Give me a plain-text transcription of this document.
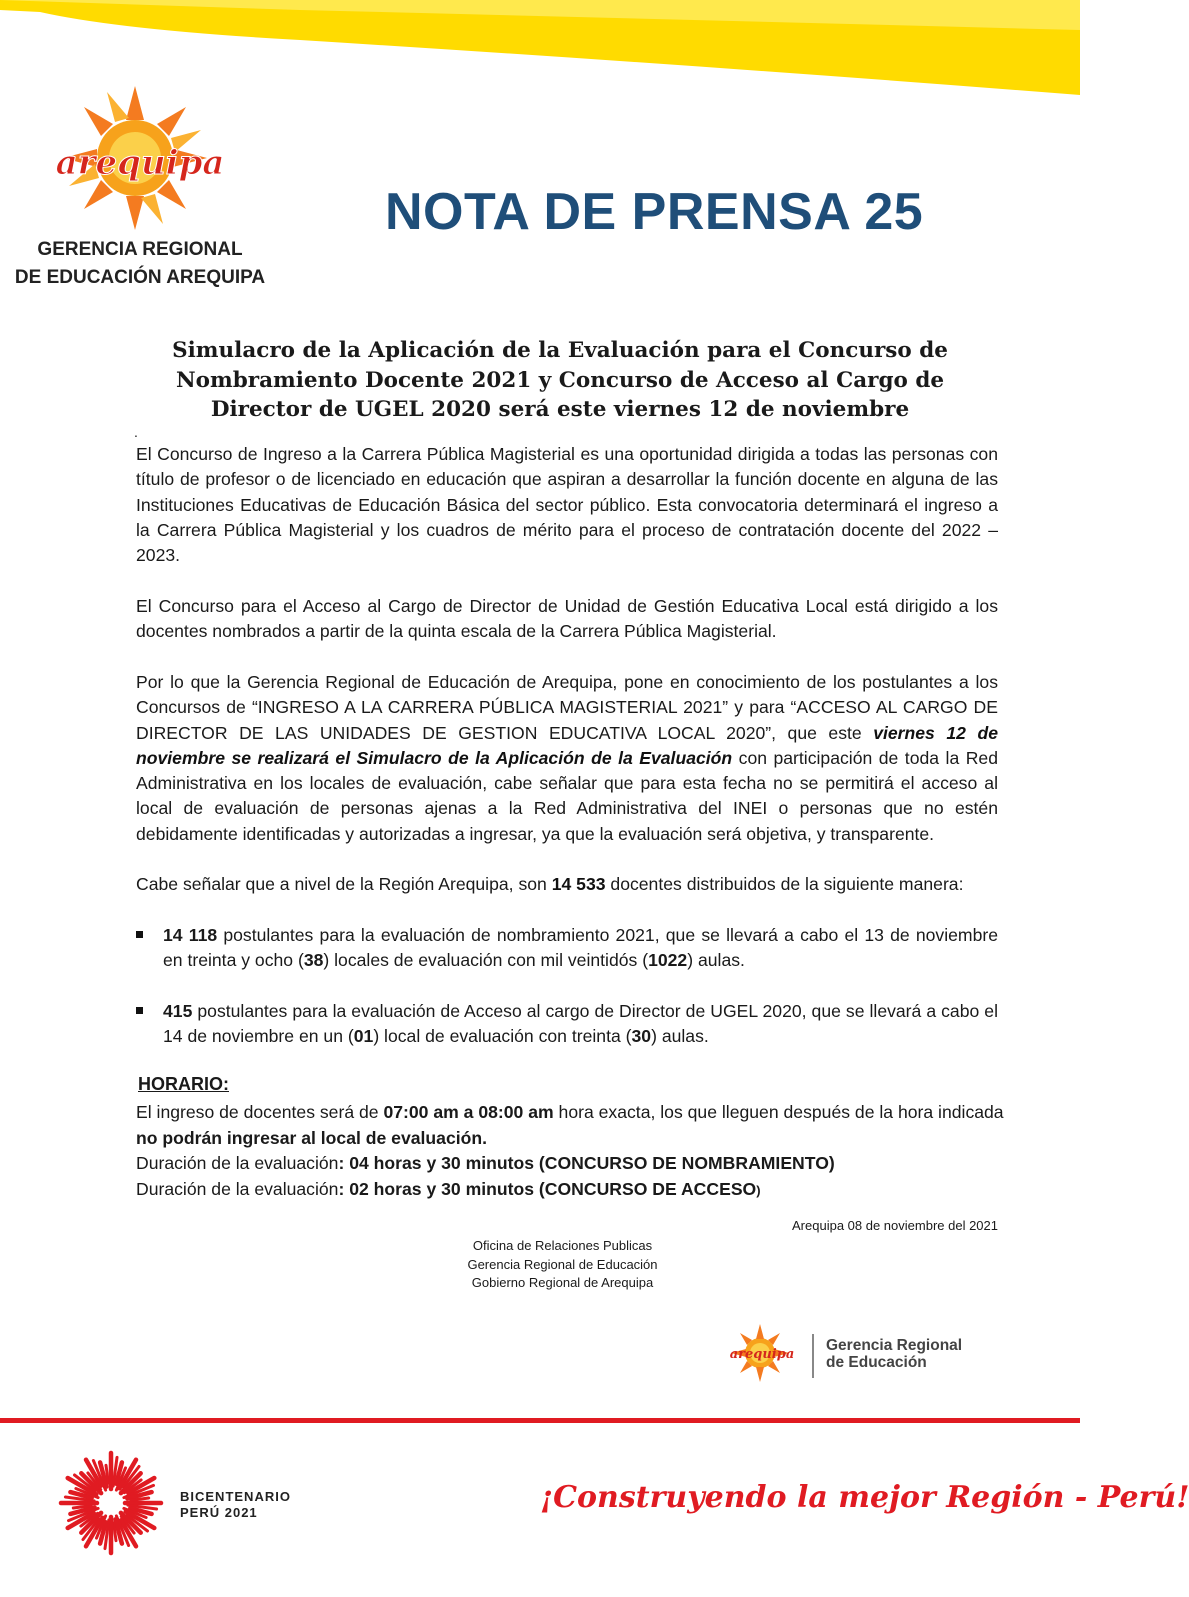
arequipa
GERENCIA REGIONAL
DE EDUCACIÓN AREQUIPA
NOTA DE PRENSA 25
Simulacro de la Aplicación de la Evaluación para el Concurso de
Nombramiento Docente 2021 y Concurso de Acceso al Cargo de
Director de UGEL 2020 será este viernes 12 de noviembre
.
El Concurso de Ingreso a la Carrera Pública Magisterial es una oportunidad dirigida a todas las personas con título de profesor o de licenciado en educación que aspiran a desarrollar la función docente en alguna de las Instituciones Educativas de Educación Básica del sector público. Esta convocatoria determinará el ingreso a la Carrera Pública Magisterial y los cuadros de mérito para el proceso de contratación docente del 2022 – 2023.
El Concurso para el Acceso al Cargo de Director de Unidad de Gestión Educativa Local está dirigido a los docentes nombrados a partir de la quinta escala de la Carrera Pública Magisterial.
Por lo que la Gerencia Regional de Educación de Arequipa, pone en conocimiento de los postulantes a los Concursos de “INGRESO A LA CARRERA PÚBLICA MAGISTERIAL 2021” y para “ACCESO AL CARGO DE DIRECTOR DE LAS UNIDADES DE GESTION EDUCATIVA LOCAL 2020”, que este viernes 12 de noviembre se realizará el Simulacro de la Aplicación de la Evaluación con participación de toda la Red Administrativa en los locales de evaluación, cabe señalar que para esta fecha no se permitirá el acceso al local de evaluación de personas ajenas a la Red Administrativa del INEI o personas que no estén debidamente identificadas y autorizadas a ingresar, ya que la evaluación será objetiva, y transparente.
Cabe señalar que a nivel de la Región Arequipa, son 14 533 docentes distribuidos de la siguiente manera:
14 118 postulantes para la evaluación de nombramiento 2021, que se llevará a cabo el 13 de noviembre en treinta y ocho (38) locales de evaluación con mil veintidós (1022) aulas.
415 postulantes para la evaluación de Acceso al cargo de Director de UGEL 2020, que se llevará a cabo el 14 de noviembre en un (01) local de evaluación con treinta (30) aulas.
HORARIO:
El ingreso de docentes será de 07:00 am a 08:00 am hora exacta, los que lleguen después de la hora indicada no podrán ingresar al local de evaluación.
Duración de la evaluación: 04 horas y 30 minutos (CONCURSO DE NOMBRAMIENTO)
Duración de la evaluación: 02 horas y 30 minutos (CONCURSO DE ACCESO)
Arequipa 08 de noviembre del 2021
Oficina de Relaciones Publicas
Gerencia Regional de Educación
Gobierno Regional de Arequipa
arequipa
Gerencia Regional
de Educación
BICENTENARIO
PERÚ 2021	¡Construyendo la mejor Región - Perú!
